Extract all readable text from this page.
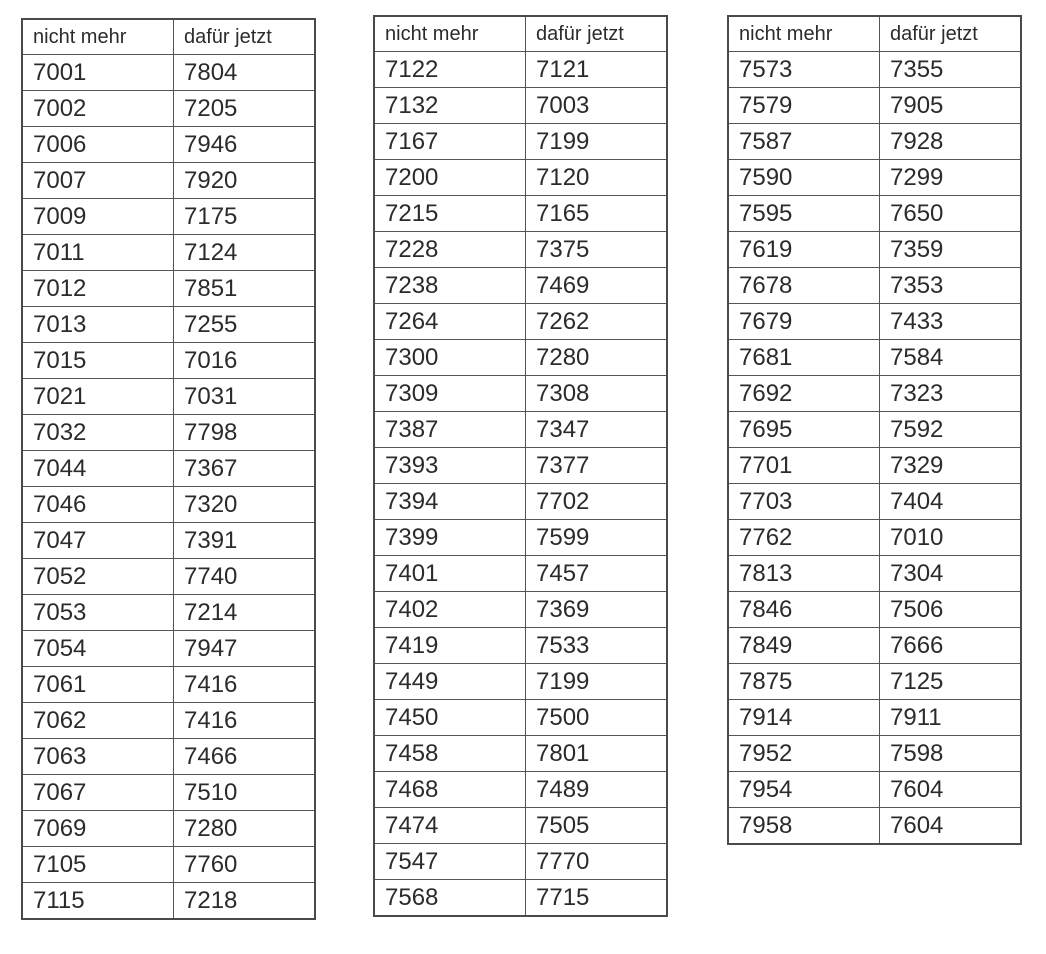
nicht mehr	dafür jetzt
7001	7804
7002	7205
7006	7946
7007	7920
7009	7175
7011	7124
7012	7851
7013	7255
7015	7016
7021	7031
7032	7798
7044	7367
7046	7320
7047	7391
7052	7740
7053	7214
7054	7947
7061	7416
7062	7416
7063	7466
7067	7510
7069	7280
7105	7760
7115	7218
nicht mehr	dafür jetzt
7122	7121
7132	7003
7167	7199
7200	7120
7215	7165
7228	7375
7238	7469
7264	7262
7300	7280
7309	7308
7387	7347
7393	7377
7394	7702
7399	7599
7401	7457
7402	7369
7419	7533
7449	7199
7450	7500
7458	7801
7468	7489
7474	7505
7547	7770
7568	7715
nicht mehr	dafür jetzt
7573	7355
7579	7905
7587	7928
7590	7299
7595	7650
7619	7359
7678	7353
7679	7433
7681	7584
7692	7323
7695	7592
7701	7329
7703	7404
7762	7010
7813	7304
7846	7506
7849	7666
7875	7125
7914	7911
7952	7598
7954	7604
7958	7604
